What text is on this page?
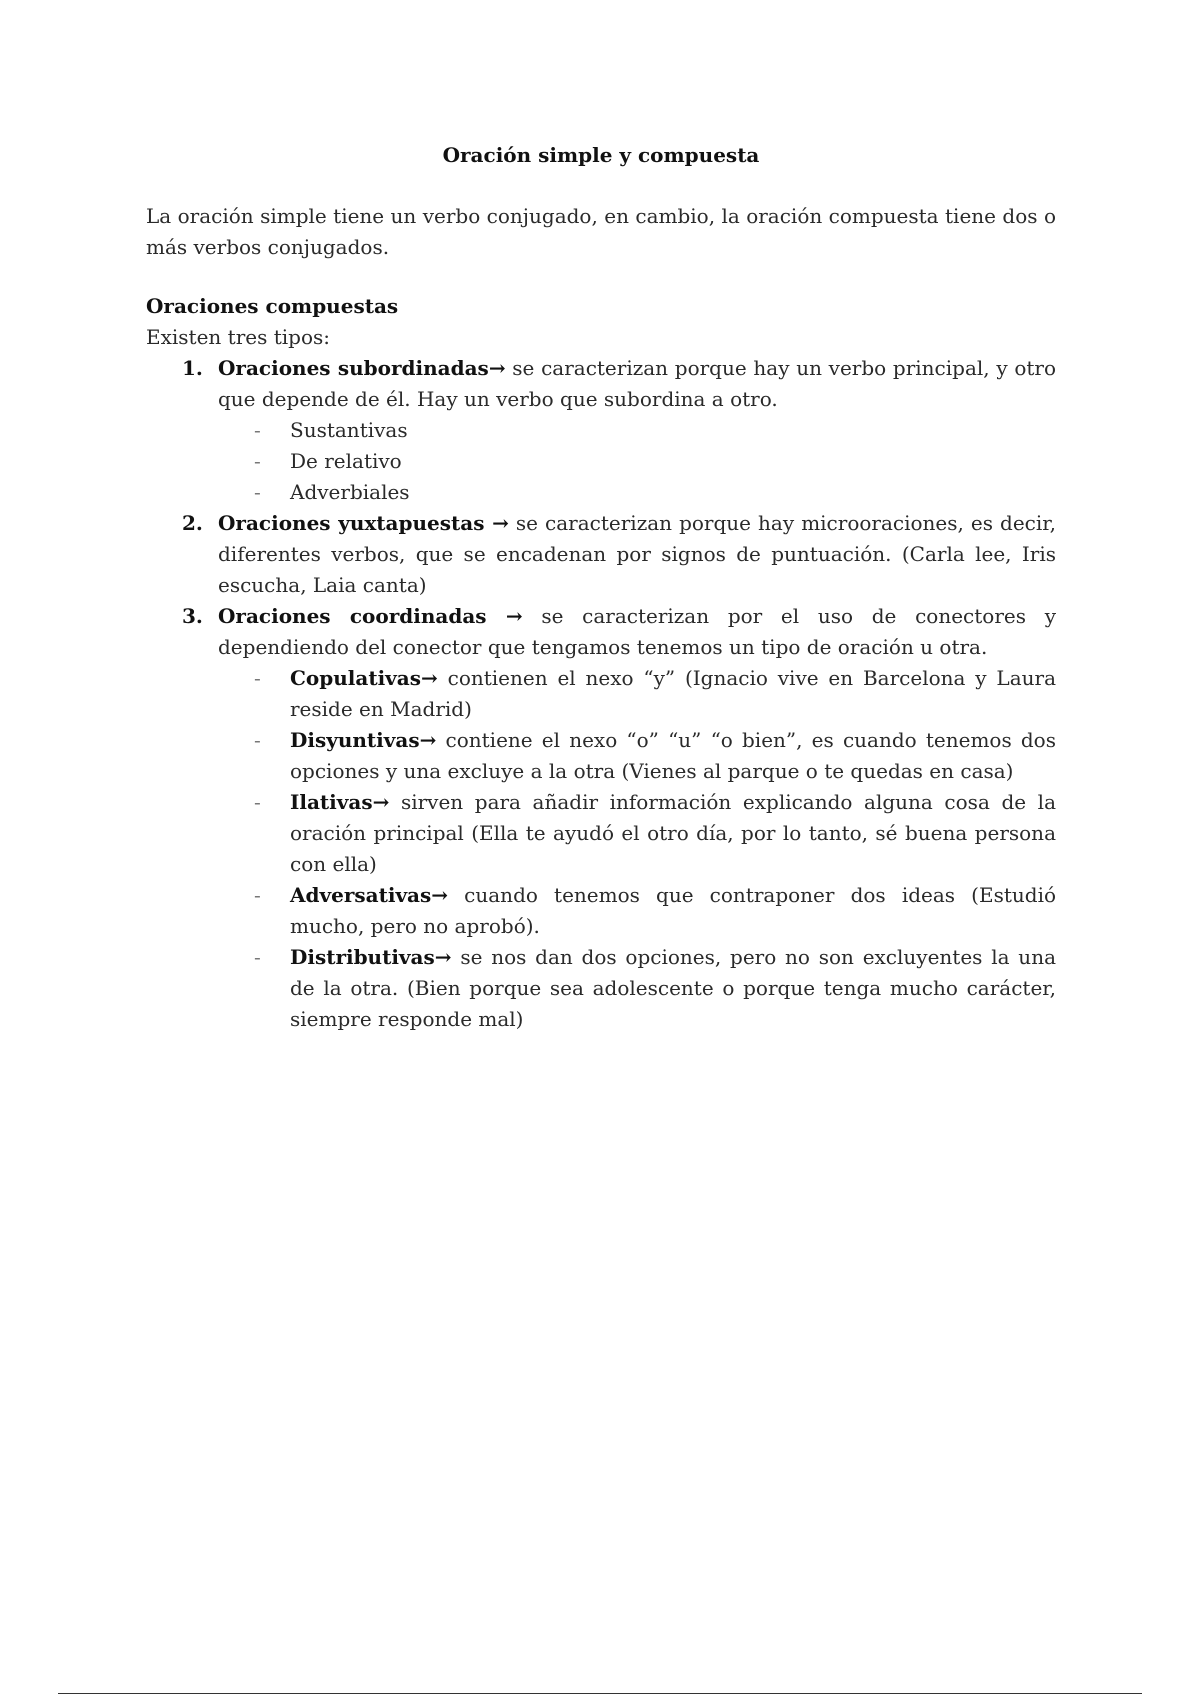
Oración simple y compuesta

La oración simple tiene un verbo conjugado, en cambio, la oración compuesta tiene dos o más verbos conjugados.

Oraciones compuestas

Existen tres tipos:

1. Oraciones subordinadas→ se caracterizan porque hay un verbo principal, y otro que depende de él. Hay un verbo que subordina a otro.
- Sustantivas
- De relativo
- Adverbiales
2. Oraciones yuxtapuestas → se caracterizan porque hay microoraciones, es decir, diferentes verbos, que se encadenan por signos de puntuación. (Carla lee, Iris escucha, Laia canta)
3. Oraciones coordinadas → se caracterizan por el uso de conectores y dependiendo del conector que tengamos tenemos un tipo de oración u otra.
- Copulativas→ contienen el nexo “y” (Ignacio vive en Barcelona y Laura reside en Madrid)
- Disyuntivas→ contiene el nexo “o” “u” “o bien”, es cuando tenemos dos opciones y una excluye a la otra (Vienes al parque o te quedas en casa)
- Ilativas→ sirven para añadir información explicando alguna cosa de la oración principal (Ella te ayudó el otro día, por lo tanto, sé buena persona con ella)
- Adversativas→ cuando tenemos que contraponer dos ideas (Estudió mucho, pero no aprobó).
- Distributivas→ se nos dan dos opciones, pero no son excluyentes la una de la otra. (Bien porque sea adolescente o porque tenga mucho carácter, siempre responde mal)
